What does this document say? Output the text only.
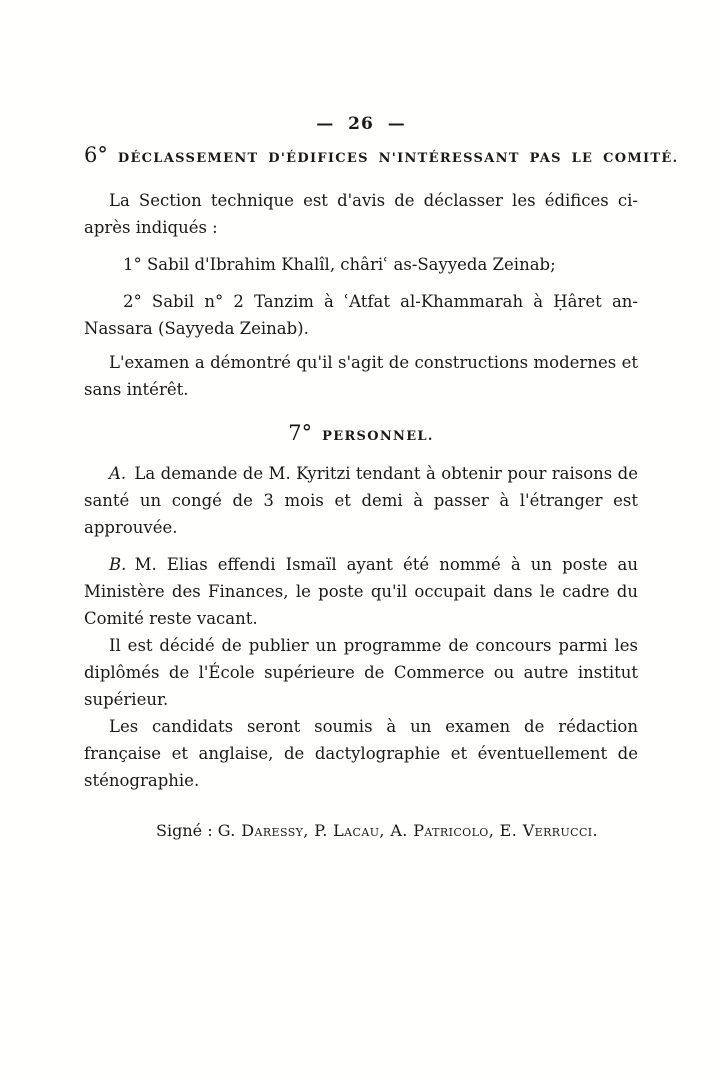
— 26 —
6° DÉCLASSEMENT D'ÉDIFICES N'INTÉRESSANT PAS LE COMITÉ.

La Section technique est d'avis de déclasser les édifices ci-après indiqués :

1° Sabil d'Ibrahim Khalîl, châriʿ as-Sayyeda Zeinab;

2° Sabil n° 2 Tanzim à ʿAtfat al-Khammarah à Ḥâret an-Nassara (Sayyeda Zeinab).

L'examen a démontré qu'il s'agit de constructions modernes et sans intérêt.

7° PERSONNEL.

A. La demande de M. Kyritzi tendant à obtenir pour raisons de santé un congé de 3 mois et demi à passer à l'étranger est approuvée.

B. M. Elias effendi Ismaïl ayant été nommé à un poste au Ministère des Finances, le poste qu'il occupait dans le cadre du Comité reste vacant.

Il est décidé de publier un programme de concours parmi les diplômés de l'École supérieure de Commerce ou autre institut supérieur.

Les candidats seront soumis à un examen de rédaction française et anglaise, de dactylographie et éventuellement de sténographie.

Signé : G. Daressy, P. Lacau, A. Patricolo, E. Verrucci.
